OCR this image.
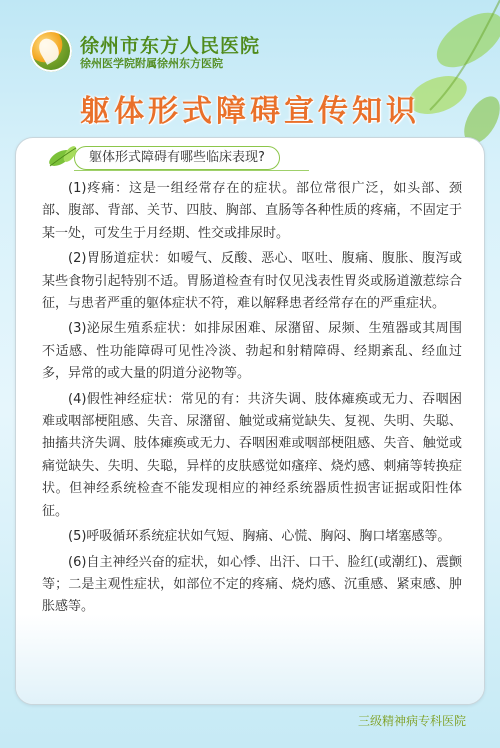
徐州市东方人民医院
徐州医学院附属徐州东方医院
躯体形式障碍宣传知识
躯体形式障碍有哪些临床表现?

(1)疼痛：这是一组经常存在的症状。部位常很广泛，如头部、颈部、腹部、背部、关节、四肢、胸部、直肠等各种性质的疼痛，不固定于某一处，可发生于月经期、性交或排尿时。

(2)胃肠道症状：如嗳气、反酸、恶心、呕吐、腹痛、腹胀、腹泻或某些食物引起特别不适。胃肠道检查有时仅见浅表性胃炎或肠道激惹综合征，与患者严重的躯体症状不符，难以解释患者经常存在的严重症状。

(3)泌尿生殖系症状：如排尿困难、尿潴留、尿频、生殖器或其周围不适感、性功能障碍可见性冷淡、勃起和射精障碍、经期紊乱、经血过多，异常的或大量的阴道分泌物等。

(4)假性神经症状：常见的有：共济失调、肢体瘫痪或无力、吞咽困难或咽部梗阻感、失音、尿潴留、触觉或痛觉缺失、复视、失明、失聪、抽搐共济失调、肢体瘫痪或无力、吞咽困难或咽部梗阻感、失音、触觉或痛觉缺失、失明、失聪，异样的皮肤感觉如瘙痒、烧灼感、刺痛等转换症状。但神经系统检查不能发现相应的神经系统器质性损害证据或阳性体征。

(5)呼吸循环系统症状如气短、胸痛、心慌、胸闷、胸口堵塞感等。

(6)自主神经兴奋的症状，如心悸、出汗、口干、脸红(或潮红)、震颤等；二是主观性症状，如部位不定的疼痛、烧灼感、沉重感、紧束感、肿胀感等。

三级精神病专科医院
